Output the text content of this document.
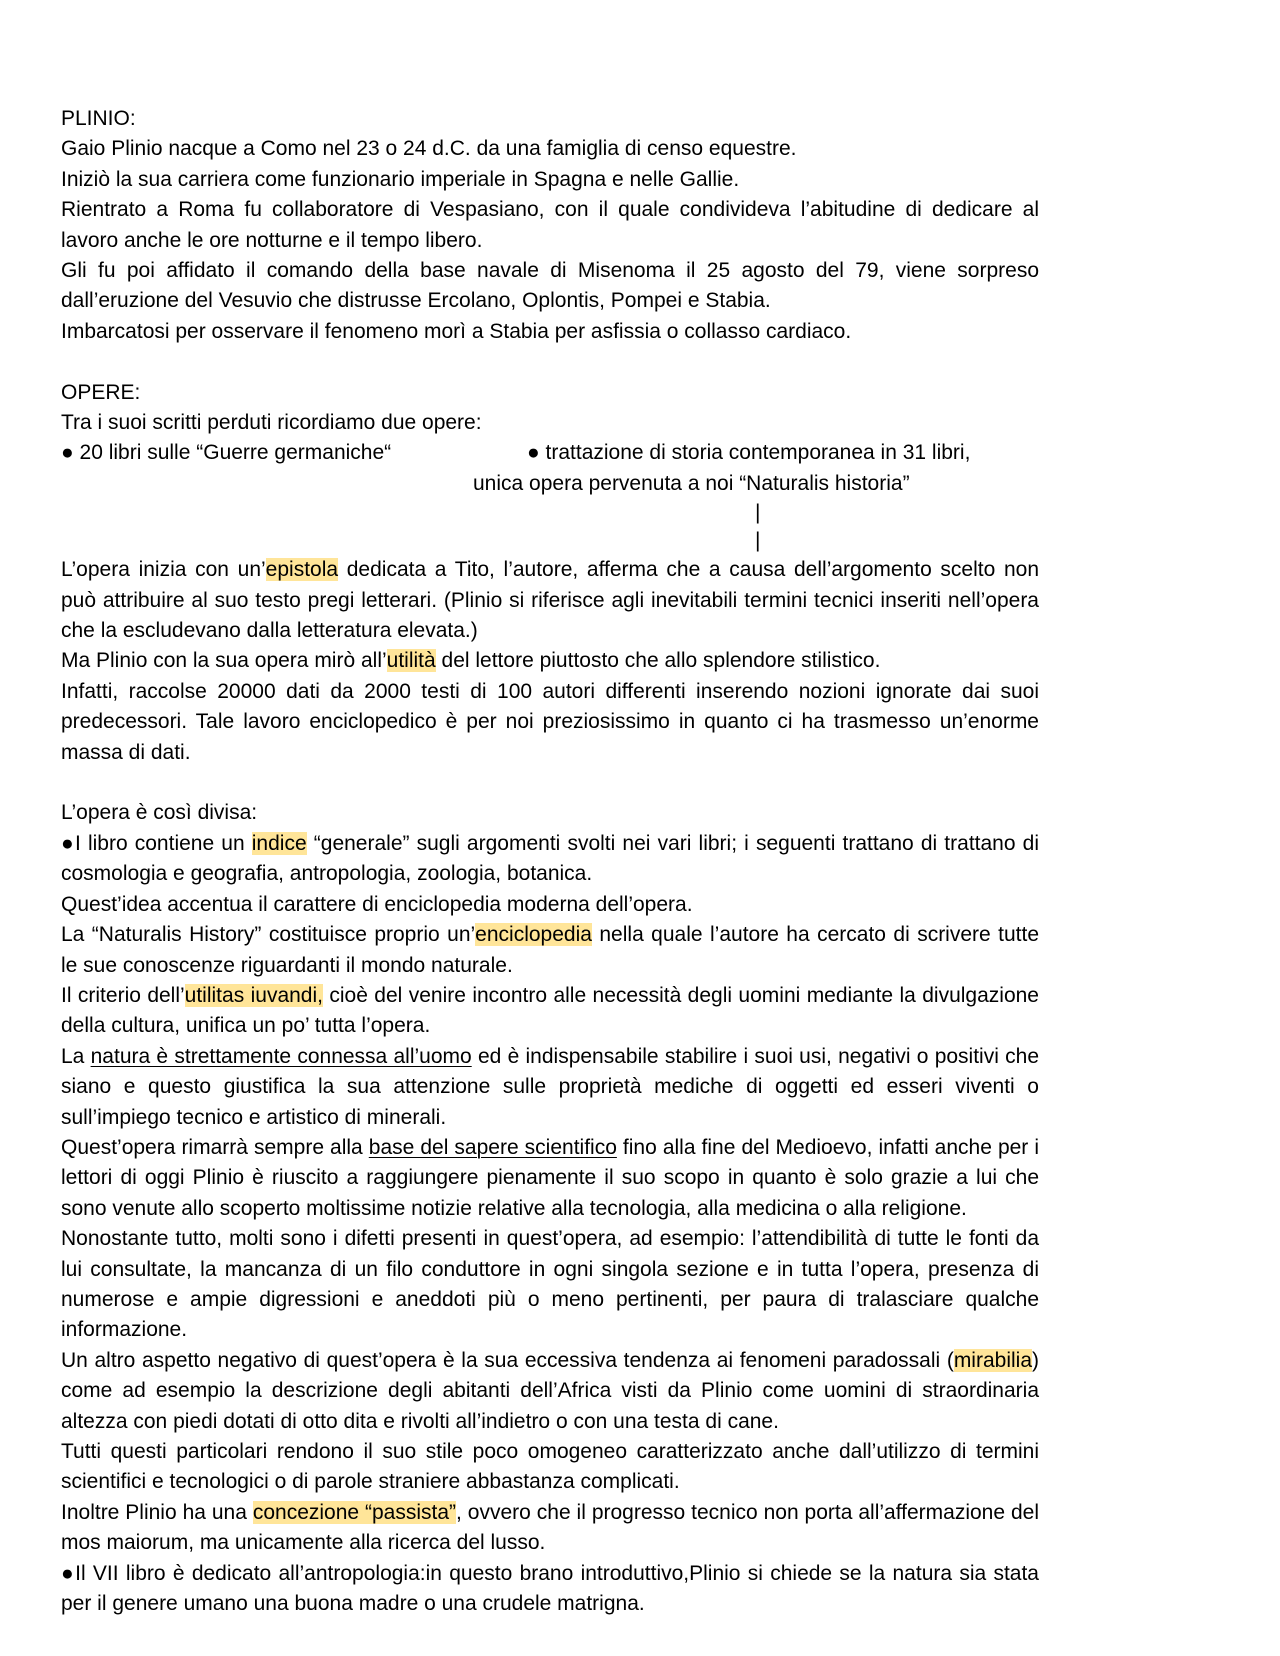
PLINIO:
Gaio Plinio nacque a Como nel 23 o 24 d.C. da una famiglia di censo equestre.
Iniziò la sua carriera come funzionario imperiale in Spagna e nelle Gallie.
Rientrato a Roma fu collaboratore di Vespasiano, con il quale condivideva l’abitudine di dedicare al lavoro anche le ore notturne e il tempo libero.
Gli fu poi affidato il comando della base navale di Misenoma il 25 agosto del 79, viene sorpreso dall’eruzione del Vesuvio che distrusse Ercolano, Oplontis, Pompei e Stabia.
Imbarcatosi per osservare il fenomeno morì a Stabia per asfissia o collasso cardiaco.
OPERE:
Tra i suoi scritti perduti ricordiamo due opere:
● 20 libri sulle “Guerre germaniche“	● trattazione di storia contemporanea in 31 libri,
unica opera pervenuta a noi “Naturalis historia”
|
|
L’opera inizia con un’epistola dedicata a Tito, l’autore, afferma che a causa dell’argomento scelto non può attribuire al suo testo pregi letterari. (Plinio si riferisce agli inevitabili termini tecnici inseriti nell’opera che la escludevano dalla letteratura elevata.)
Ma Plinio con la sua opera mirò all’utilità del lettore piuttosto che allo splendore stilistico.
Infatti, raccolse 20000 dati da 2000 testi di 100 autori differenti inserendo nozioni ignorate dai suoi predecessori. Tale lavoro enciclopedico è per noi preziosissimo in quanto ci ha trasmesso un’enorme massa di dati.
L’opera è così divisa:
●I libro contiene un indice “generale” sugli argomenti svolti nei vari libri; i seguenti trattano di trattano di cosmologia e geografia, antropologia, zoologia, botanica.
Quest’idea accentua il carattere di enciclopedia moderna dell’opera.
La “Naturalis History” costituisce proprio un’enciclopedia nella quale l’autore ha cercato di scrivere tutte le sue conoscenze riguardanti il mondo naturale.
Il criterio dell’utilitas iuvandi, cioè del venire incontro alle necessità degli uomini mediante la divulgazione della cultura, unifica un po’ tutta l’opera.
La natura è strettamente connessa all’uomo ed è indispensabile stabilire i suoi usi, negativi o positivi che siano e questo giustifica la sua attenzione sulle proprietà mediche di oggetti ed esseri viventi o sull’impiego tecnico e artistico di minerali.
Quest’opera rimarrà sempre alla base del sapere scientifico fino alla fine del Medioevo, infatti anche per i lettori di oggi Plinio è riuscito a raggiungere pienamente il suo scopo in quanto è solo grazie a lui che sono venute allo scoperto moltissime notizie relative alla tecnologia, alla medicina o alla religione.
Nonostante tutto, molti sono i difetti presenti in quest’opera, ad esempio: l’attendibilità di tutte le fonti da lui consultate, la mancanza di un filo conduttore in ogni singola sezione e in tutta l’opera, presenza di numerose e ampie digressioni e aneddoti più o meno pertinenti, per paura di tralasciare qualche informazione.
Un altro aspetto negativo di quest’opera è la sua eccessiva tendenza ai fenomeni paradossali (mirabilia) come ad esempio la descrizione degli abitanti dell’Africa visti da Plinio come uomini di straordinaria altezza con piedi dotati di otto dita e rivolti all’indietro o con una testa di cane.
Tutti questi particolari rendono il suo stile poco omogeneo caratterizzato anche dall’utilizzo di termini scientifici e tecnologici o di parole straniere abbastanza complicati.
Inoltre Plinio ha una concezione “passista”, ovvero che il progresso tecnico non porta all’affermazione del mos maiorum, ma unicamente alla ricerca del lusso.
●Il VII libro è dedicato all’antropologia:in questo brano introduttivo,Plinio si chiede se la natura sia stata per il genere umano una buona madre o una crudele matrigna.
